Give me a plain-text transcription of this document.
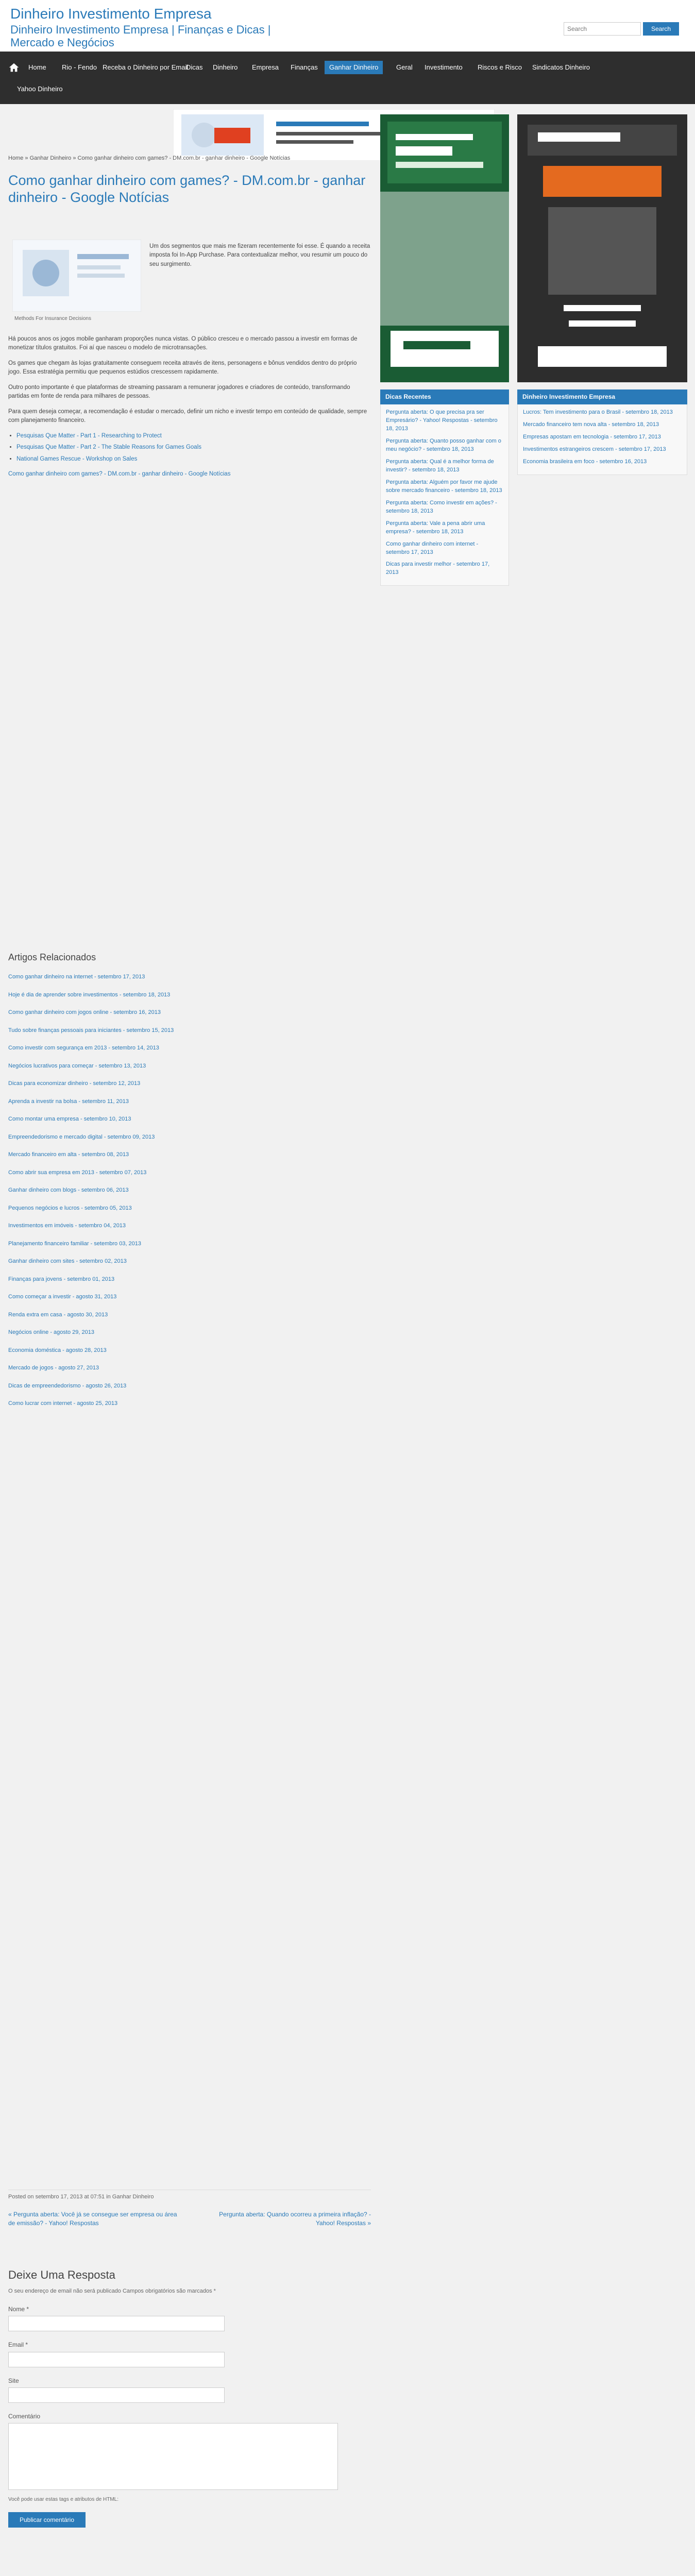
Dinheiro Investimento Empresa
Dinheiro Investimento Empresa | Finanças e Dicas | Mercado e Negócios
Search	Search
Home	Rio - Fendo Receba o Dinheiro por Email
Dicas	Dinheiro	Empresa	Finanças	Ganhar Dinheiro	Geral	Investimento	Riscos e Risco	Sindicatos Dinheiro
Yahoo Dinheiro
Home » Ganhar Dinheiro » Como ganhar dinheiro com games? - DM.com.br - ganhar dinheiro - Google Notícias
Como ganhar dinheiro com games? - DM.com.br - ganhar dinheiro - Google Notícias
Methods For Insurance Decisions

Um dos segmentos que mais me fizeram recentemente foi esse. É quando a receita imposta foi In-App Purchase. Para contextualizar melhor, vou resumir um pouco do seu surgimento.

Há poucos anos os jogos mobile ganharam proporções nunca vistas. O público cresceu e o mercado passou a investir em formas de monetizar títulos gratuitos. Foi aí que nasceu o modelo de microtransações.

Os games que chegam às lojas gratuitamente conseguem receita através de itens, personagens e bônus vendidos dentro do próprio jogo. Essa estratégia permitiu que pequenos estúdios crescessem rapidamente.

Outro ponto importante é que plataformas de streaming passaram a remunerar jogadores e criadores de conteúdo, transformando partidas em fonte de renda para milhares de pessoas.

Para quem deseja começar, a recomendação é estudar o mercado, definir um nicho e investir tempo em conteúdo de qualidade, sempre com planejamento financeiro.

• Pesquisas Que Matter - Part 1 - Researching to Protect
• Pesquisas Que Matter - Part 2 - The Stable Reasons for Games Goals
• National Games Rescue - Workshop on Sales

Como ganhar dinheiro com games? - DM.com.br - ganhar dinheiro - Google Notícias

Artigos Relacionados
Como ganhar dinheiro na internet - setembro 17, 2013
Hoje é dia de aprender sobre investimentos - setembro 18, 2013
Como ganhar dinheiro com jogos online - setembro 16, 2013
Tudo sobre finanças pessoais para iniciantes - setembro 15, 2013
Como investir com segurança em 2013 - setembro 14, 2013
Negócios lucrativos para começar - setembro 13, 2013
Dicas para economizar dinheiro - setembro 12, 2013
Aprenda a investir na bolsa - setembro 11, 2013
Como montar uma empresa - setembro 10, 2013
Empreendedorismo e mercado digital - setembro 09, 2013
Mercado financeiro em alta - setembro 08, 2013
Como abrir sua empresa em 2013 - setembro 07, 2013
Ganhar dinheiro com blogs - setembro 06, 2013
Pequenos negócios e lucros - setembro 05, 2013
Investimentos em imóveis - setembro 04, 2013
Planejamento financeiro familiar - setembro 03, 2013
Ganhar dinheiro com sites - setembro 02, 2013
Finanças para jovens - setembro 01, 2013
Como começar a investir - agosto 31, 2013
Renda extra em casa - agosto 30, 2013
Negócios online - agosto 29, 2013
Economia doméstica - agosto 28, 2013
Mercado de jogos - agosto 27, 2013
Dicas de empreendedorismo - agosto 26, 2013
Como lucrar com internet - agosto 25, 2013
Posted on setembro 17, 2013 at 07:51 in Ganhar Dinheiro
« Pergunta aberta: Você já se consegue ser empresa ou área de emissão? - Yahoo! Respostas
Pergunta aberta: Quando ocorreu a primeira inflação? - Yahoo! Respostas »
Deixe Uma Resposta
O seu endereço de email não será publicado Campos obrigatórios são marcados *
Nome *
Email *
Site
Comentário
Você pode usar estas tags e atributos de HTML:
Publicar comentário
Dicas Recentes
Pergunta aberta: O que precisa pra ser Empresário? - Yahoo! Respostas - setembro 18, 2013
Pergunta aberta: Quanto posso ganhar com o meu negócio? - setembro 18, 2013
Pergunta aberta: Qual é a melhor forma de investir? - setembro 18, 2013
Pergunta aberta: Alguém por favor me ajude sobre mercado financeiro - setembro 18, 2013
Pergunta aberta: Como investir em ações? - setembro 18, 2013
Pergunta aberta: Vale a pena abrir uma empresa? - setembro 18, 2013
Como ganhar dinheiro com internet - setembro 17, 2013
Dicas para investir melhor - setembro 17, 2013
Dinheiro Investimento Empresa
Lucros: Tem investimento para o Brasil - setembro 18, 2013
Mercado financeiro tem nova alta - setembro 18, 2013
Empresas apostam em tecnologia - setembro 17, 2013
Investimentos estrangeiros crescem - setembro 17, 2013
Economia brasileira em foco - setembro 16, 2013
